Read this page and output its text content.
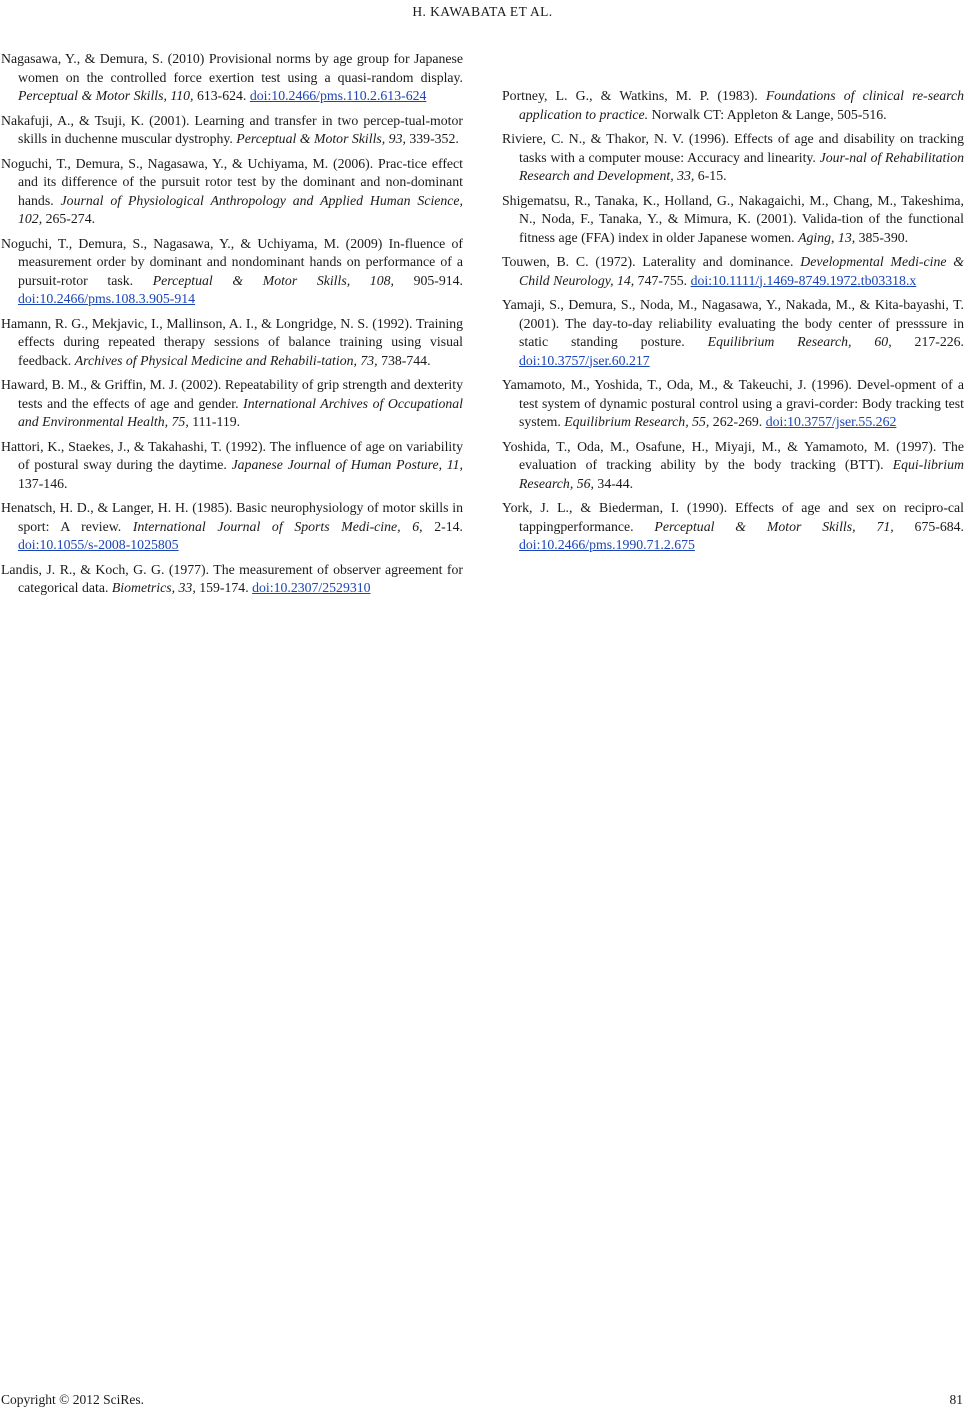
H. KAWABATA ET AL.

Nagasawa, Y., & Demura, S. (2010) Provisional norms by age group for Japanese women on the controlled force exertion test using a quasi-random display. Perceptual & Motor Skills, 110, 613-624. doi:10.2466/pms.110.2.613-624

Nakafuji, A., & Tsuji, K. (2001). Learning and transfer in two percep-tual-motor skills in duchenne muscular dystrophy. Perceptual & Motor Skills, 93, 339-352.

Noguchi, T., Demura, S., Nagasawa, Y., & Uchiyama, M. (2006). Prac-tice effect and its difference of the pursuit rotor test by the dominant and non-dominant hands. Journal of Physiological Anthropology and Applied Human Science, 102, 265-274.

Noguchi, T., Demura, S., Nagasawa, Y., & Uchiyama, M. (2009) In-fluence of measurement order by dominant and nondominant hands on performance of a pursuit-rotor task. Perceptual & Motor Skills, 108, 905-914. doi:10.2466/pms.108.3.905-914

Hamann, R. G., Mekjavic, I., Mallinson, A. I., & Longridge, N. S. (1992). Training effects during repeated therapy sessions of balance training using visual feedback. Archives of Physical Medicine and Rehabili-tation, 73, 738-744.

Haward, B. M., & Griffin, M. J. (2002). Repeatability of grip strength and dexterity tests and the effects of age and gender. International Archives of Occupational and Environmental Health, 75, 111-119.

Hattori, K., Staekes, J., & Takahashi, T. (1992). The influence of age on variability of postural sway during the daytime. Japanese Journal of Human Posture, 11, 137-146.

Henatsch, H. D., & Langer, H. H. (1985). Basic neurophysiology of motor skills in sport: A review. International Journal of Sports Medi-cine, 6, 2-14. doi:10.1055/s-2008-1025805

Landis, J. R., & Koch, G. G. (1977). The measurement of observer agreement for categorical data. Biometrics, 33, 159-174. doi:10.2307/2529310

Portney, L. G., & Watkins, M. P. (1983). Foundations of clinical re-search application to practice. Norwalk CT: Appleton & Lange, 505-516.

Riviere, C. N., & Thakor, N. V. (1996). Effects of age and disability on tracking tasks with a computer mouse: Accuracy and linearity. Jour-nal of Rehabilitation Research and Development, 33, 6-15.

Shigematsu, R., Tanaka, K., Holland, G., Nakagaichi, M., Chang, M., Takeshima, N., Noda, F., Tanaka, Y., & Mimura, K. (2001). Valida-tion of the functional fitness age (FFA) index in older Japanese women. Aging, 13, 385-390.

Touwen, B. C. (1972). Laterality and dominance. Developmental Medi-cine & Child Neurology, 14, 747-755. doi:10.1111/j.1469-8749.1972.tb03318.x

Yamaji, S., Demura, S., Noda, M., Nagasawa, Y., Nakada, M., & Kita-bayashi, T. (2001). The day-to-day reliability evaluating the body center of presssure in static standing posture. Equilibrium Research, 60, 217-226. doi:10.3757/jser.60.217

Yamamoto, M., Yoshida, T., Oda, M., & Takeuchi, J. (1996). Devel-opment of a test system of dynamic postural control using a gravi-corder: Body tracking test system. Equilibrium Research, 55, 262-269. doi:10.3757/jser.55.262

Yoshida, T., Oda, M., Osafune, H., Miyaji, M., & Yamamoto, M. (1997). The evaluation of tracking ability by the body tracking (BTT). Equi-librium Research, 56, 34-44.

York, J. L., & Biederman, I. (1990). Effects of age and sex on recipro-cal tappingperformance. Perceptual & Motor Skills, 71, 675-684. doi:10.2466/pms.1990.71.2.675

Copyright © 2012 SciRes.	81
